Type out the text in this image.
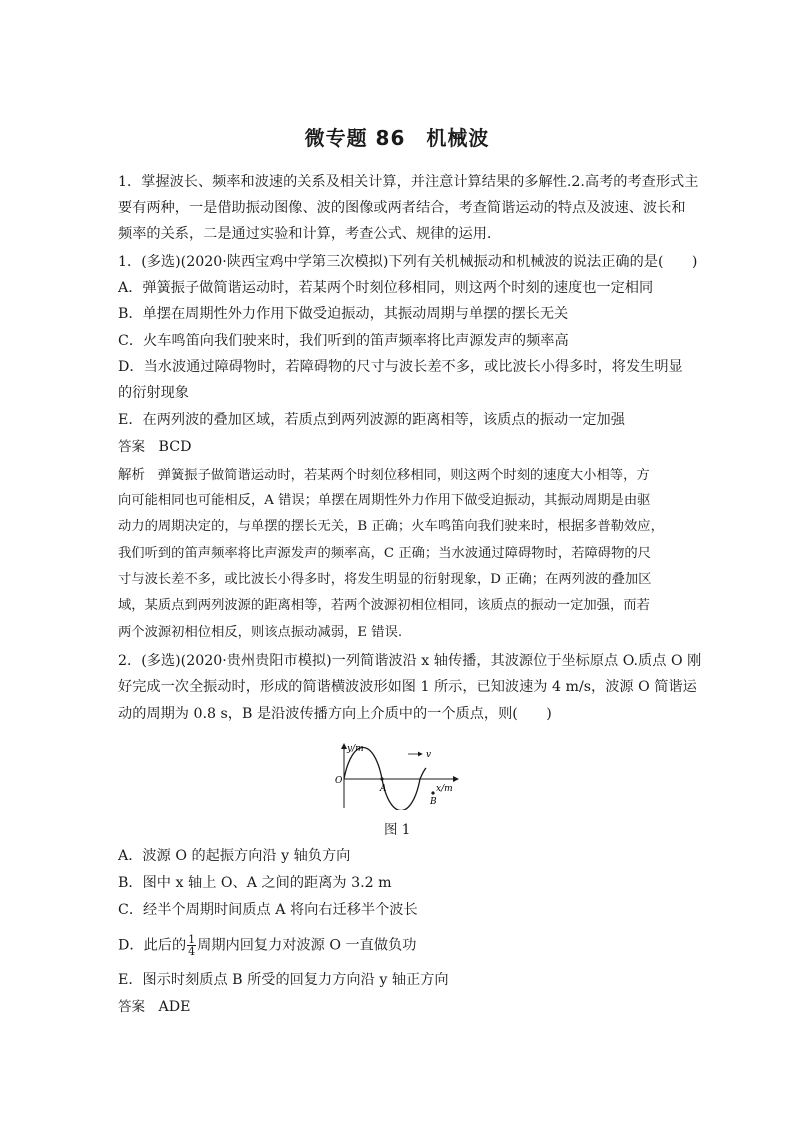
微专题 86　机械波
1．掌握波长、频率和波速的关系及相关计算，并注意计算结果的多解性.2.高考的考查形式主
要有两种，一是借助振动图像、波的图像或两者结合，考查简谐运动的特点及波速、波长和
频率的关系，二是通过实验和计算，考查公式、规律的运用.
1．(多选)(2020·陕西宝鸡中学第三次模拟)下列有关机械振动和机械波的说法正确的是(　　)
A．弹簧振子做简谐运动时，若某两个时刻位移相同，则这两个时刻的速度也一定相同
B．单摆在周期性外力作用下做受迫振动，其振动周期与单摆的摆长无关
C．火车鸣笛向我们驶来时，我们听到的笛声频率将比声源发声的频率高
D．当水波通过障碍物时，若障碍物的尺寸与波长差不多，或比波长小得多时，将发生明显
的衍射现象
E．在两列波的叠加区域，若质点到两列波源的距离相等，该质点的振动一定加强
答案 BCD
解析 弹簧振子做简谐运动时，若某两个时刻位移相同，则这两个时刻的速度大小相等，方
向可能相同也可能相反，A 错误；单摆在周期性外力作用下做受迫振动，其振动周期是由驱
动力的周期决定的，与单摆的摆长无关，B 正确；火车鸣笛向我们驶来时，根据多普勒效应，
我们听到的笛声频率将比声源发声的频率高，C 正确；当水波通过障碍物时，若障碍物的尺
寸与波长差不多，或比波长小得多时，将发生明显的衍射现象，D 正确；在两列波的叠加区
域，某质点到两列波源的距离相等，若两个波源初相位相同，该质点的振动一定加强，而若
两个波源初相位相反，则该点振动减弱，E 错误.
2．(多选)(2020·贵州贵阳市模拟)一列简谐波沿 x 轴传播，其波源位于坐标原点 O.质点 O 刚
好完成一次全振动时，形成的简谐横波波形如图 1 所示，已知波速为 4 m/s，波源 O 简谐运
动的周期为 0.8 s，B 是沿波传播方向上介质中的一个质点，则(　　)
v
y/m
x/m
O
A
B
图 1
A．波源 O 的起振方向沿 y 轴负方向
B．图中 x 轴上 O、A 之间的距离为 3.2 m
C．经半个周期时间质点 A 将向右迁移半个波长
D．此后的 $\frac{1}{4}$ 周期内回复力对波源 O 一直做负功
E．图示时刻质点 B 所受的回复力方向沿 y 轴正方向
答案 ADE
